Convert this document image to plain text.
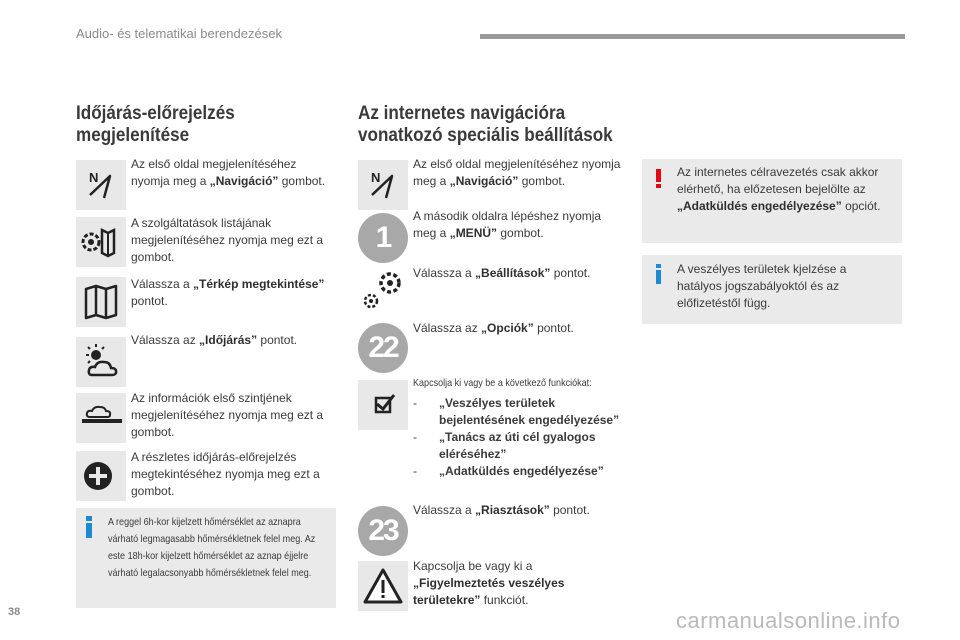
Audio- és telematikai berendezések
Időjárás-előrejelzés
megjelenítése
N
Az első oldal megjelenítéséhez nyomja meg a „Navigáció” gombot.
A szolgáltatások listájának megjelenítéséhez nyomja meg ezt a gombot.
Válassza a „Térkép megtekintése” pontot.
Válassza az „Időjárás” pontot.
Az információk első szintjének megjelenítéséhez nyomja meg ezt a gombot.
A részletes időjárás-előrejelzés megtekintéséhez nyomja meg ezt a gombot.
A reggel 6h-kor kijelzett hőmérséklet az aznapra várható legmagasabb hőmérsékletnek felel meg. Az este 18h-kor kijelzett hőmérséklet az aznap éjjelre várható legalacsonyabb hőmérsékletnek felel meg.
Az internetes navigációra
vonatkozó speciális beállítások
N
Az első oldal megjelenítéséhez nyomja meg a „Navigáció” gombot.
1
A második oldalra lépéshez nyomja meg a „MENÜ” gombot.
Válassza a „Beállítások” pontot.
22
Válassza az „Opciók” pontot.
Kapcsolja ki vagy be a következő funkciókat:
-	„Veszélyes területek bejelentésének engedélyezése”
-	„Tanács az úti cél gyalogos eléréséhez”
-	„Adatküldés engedélyezése”
23
Válassza a „Riasztások” pontot.
Kapcsolja be vagy ki a „Figyelmeztetés veszélyes területekre” funkciót.
Az internetes célravezetés csak akkor elérhető, ha előzetesen bejelölte az „Adatküldés engedélyezése” opciót.
A veszélyes területek kjelzése a hatályos jogszabályoktól és az előfizetéstől függ.
38	carmanualsonline.info
